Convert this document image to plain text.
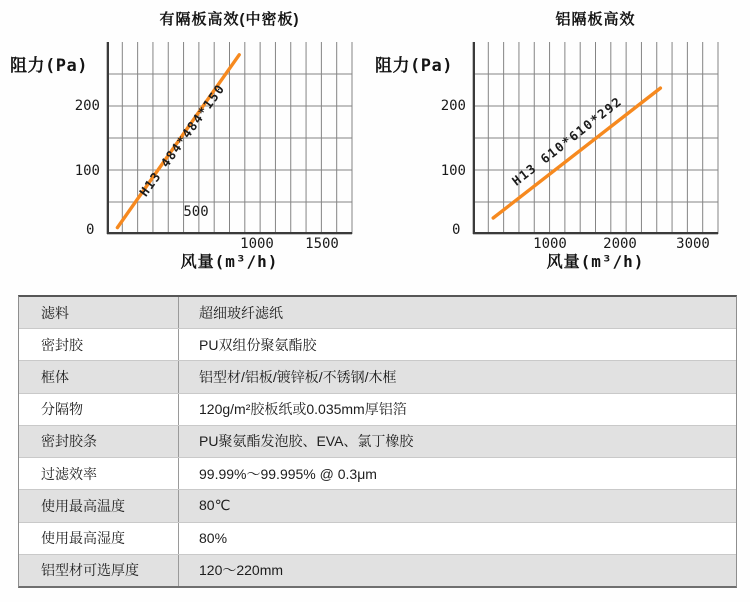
有隔板高效(中密板)
阻力(Pa)
200
100
0
500
H13 484*484*150
1000	1500
风量(m³/h)
铝隔板高效
阻力(Pa)
200
100
0
H13 610*610*292
1000	2000	3000
风量(m³/h)
滤料	超细玻纤滤纸
密封胶	PU双组份聚氨酯胶
框体	铝型材/铝板/镀锌板/不锈钢/木框
分隔物	120g/m²胶板纸或0.035mm厚铝箔
密封胶条	PU聚氨酯发泡胶、EVA、氯丁橡胶
过滤效率	99.99%～99.995% @ 0.3μm
使用最高温度	80℃
使用最高湿度	80%
铝型材可选厚度	120～220mm
